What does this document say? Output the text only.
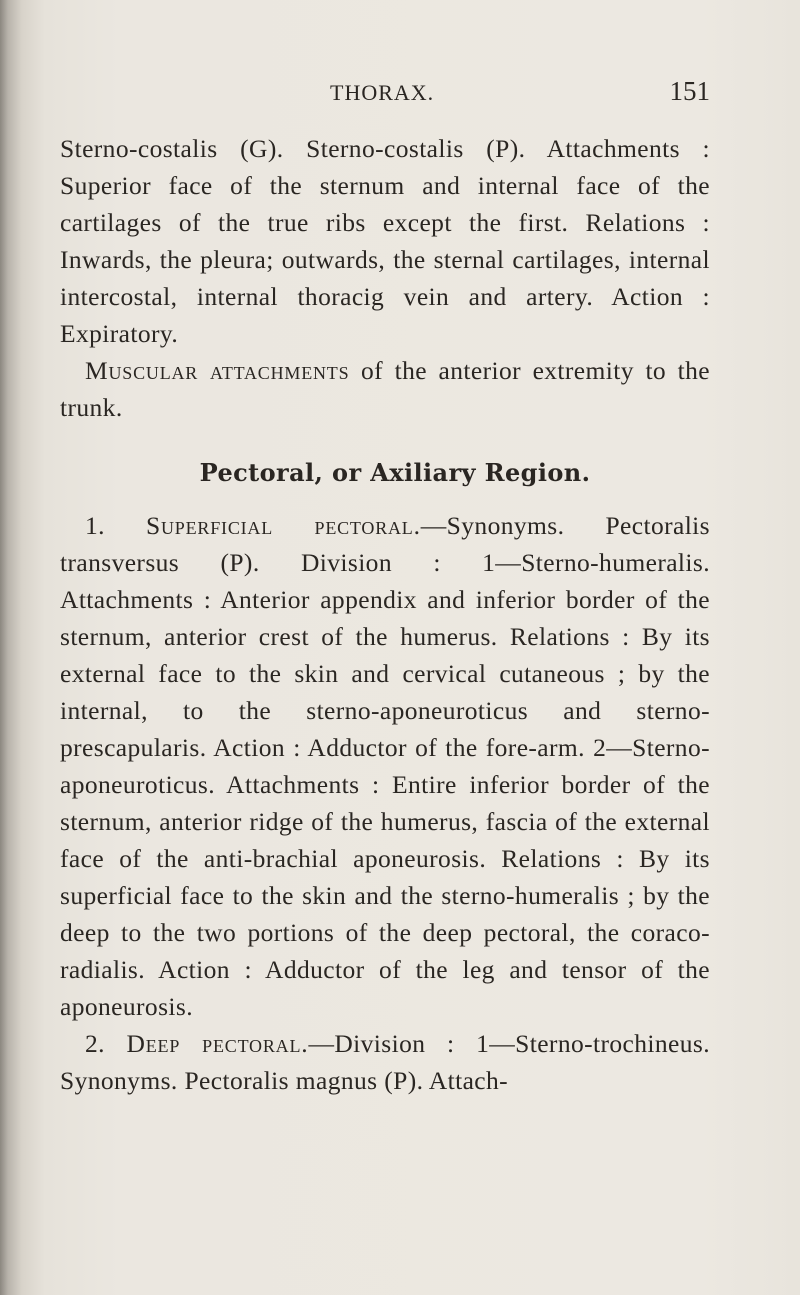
THORAX.	151

Sterno-costalis (G). Sterno-costalis (P). Attachments : Superior face of the sternum and internal face of the cartilages of the true ribs except the first. Relations : Inwards, the pleura; outwards, the sternal cartilages, internal intercostal, internal thoracig vein and artery. Action : Expiratory.

Muscular attachments of the anterior extremity to the trunk.

Pectoral, or Axiliary Region.

1. Superficial pectoral.—Synonyms. Pectoralis transversus (P). Division : 1—Sterno-humeralis. Attachments : Anterior appendix and inferior border of the sternum, anterior crest of the humerus. Relations : By its external face to the skin and cervical cutaneous ; by the internal, to the sterno-aponeuroticus and sterno-prescapularis. Action : Adductor of the fore-arm. 2—Sterno-aponeuroticus. Attachments : Entire inferior border of the sternum, anterior ridge of the humerus, fascia of the external face of the anti-brachial aponeurosis. Relations : By its superficial face to the skin and the sterno-humeralis ; by the deep to the two portions of the deep pectoral, the coraco-radialis. Action : Adductor of the leg and tensor of the aponeurosis.

2. Deep pectoral.—Division : 1—Sterno-trochineus. Synonyms. Pectoralis magnus (P). Attach-
